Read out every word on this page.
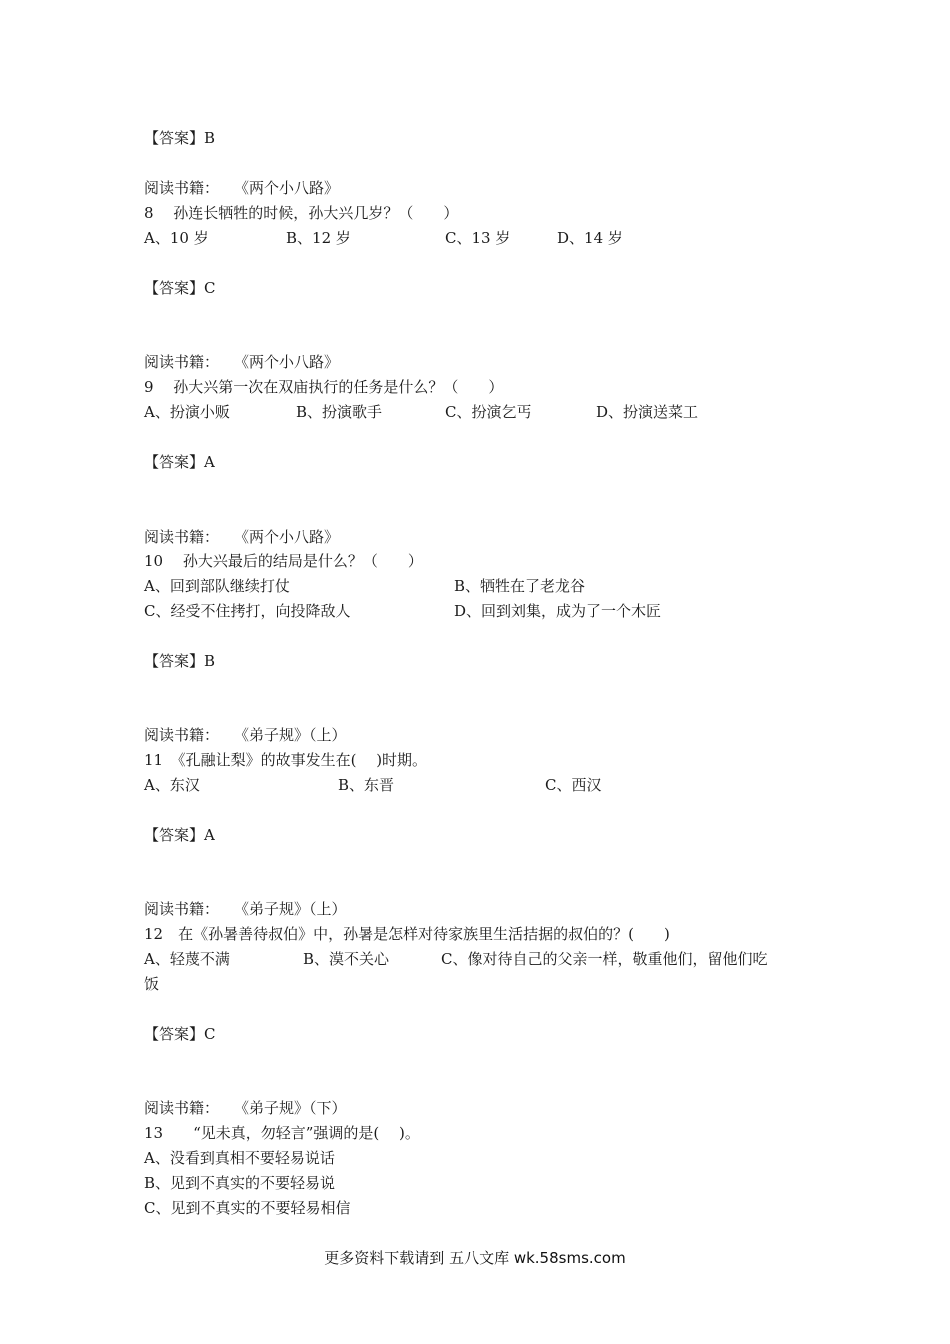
【答案】B
阅读书籍：　　《两个小八路》
8　 孙连长牺牲的时候，孙大兴几岁？（　　）
A、10 岁	B、12 岁	C、13 岁	D、14 岁
【答案】C
阅读书籍：　　《两个小八路》
9　 孙大兴第一次在双庙执行的任务是什么？（　　）
A、扮演小贩	B、扮演歌手	C、扮演乞丐	D、扮演送菜工
【答案】A
阅读书籍：　　《两个小八路》
10　 孙大兴最后的结局是什么？（　　）
A、回到部队继续打仗	B、牺牲在了老龙谷
C、经受不住拷打，向投降敌人	D、回到刘集，成为了一个木匠
【答案】B
阅读书籍：　　《弟子规》（上）
11　《孔融让梨》的故事发生在(　 )时期。
A、东汉	B、东晋	C、西汉
【答案】A
阅读书籍：　　《弟子规》（上）
12　在《孙暑善待叔伯》中，孙暑是怎样对待家族里生活拮据的叔伯的？(　　)
A、轻蔑不满	B、漠不关心	C、像对待自己的父亲一样，敬重他们，留他们吃
饭
【答案】C
阅读书籍：　　《弟子规》（下）
13　　“见未真，勿轻言”强调的是(　 )。
A、没看到真相不要轻易说话
B、见到不真实的不要轻易说
C、见到不真实的不要轻易相信
更多资料下载请到 五八文库 wk.58sms.com
